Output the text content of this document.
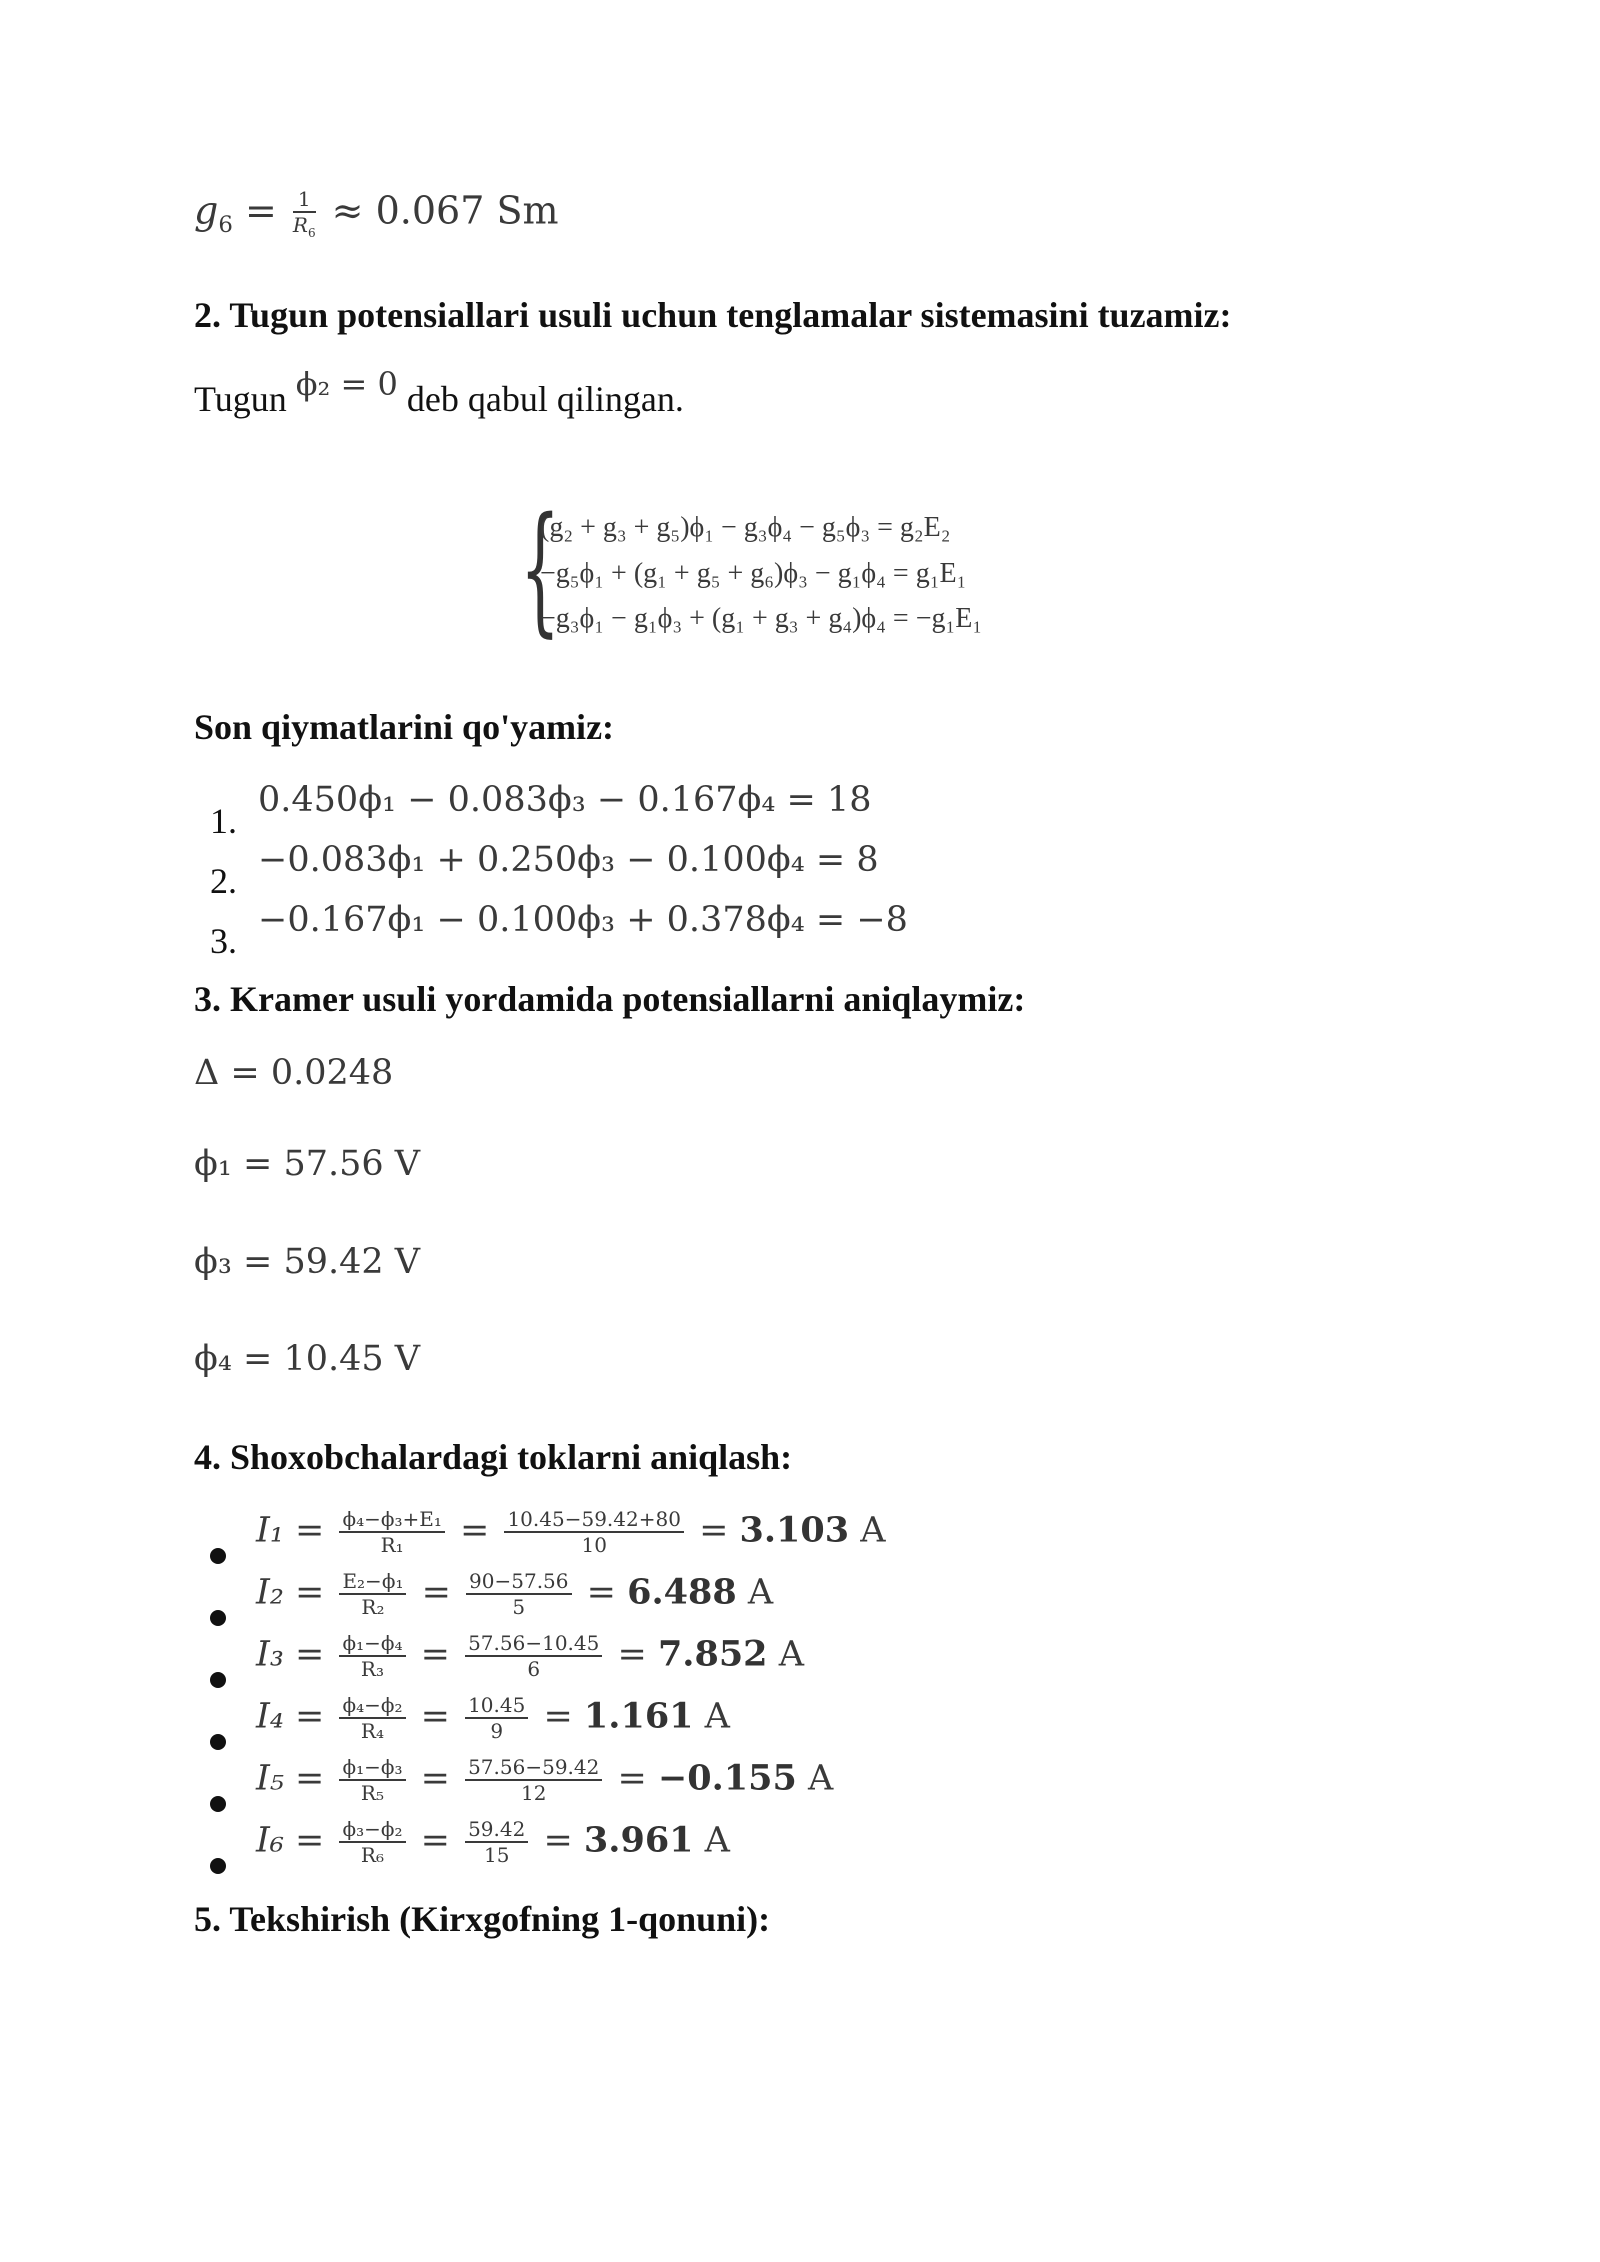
$g_6 = \frac{1}{R_6} \approx 0.067$ Sm
2. Tugun potensiallari usuli uchun tenglamalar sistemasini tuzamiz:
Tugun ϕ₂ = 0 deb qabul qilingan.
{
(g₂ + g₃ + g₅)ϕ₁ − g₃ϕ₄ − g₅ϕ₃ = g₂E₂
−g₅ϕ₁ + (g₁ + g₅ + g₆)ϕ₃ − g₁ϕ₄ = g₁E₁
−g₃ϕ₁ − g₁ϕ₃ + (g₁ + g₃ + g₄)ϕ₄ = −g₁E₁
Son qiymatlarini qo'yamiz:
1.
0.450ϕ₁ − 0.083ϕ₃ − 0.167ϕ₄ = 18
2.
−0.083ϕ₁ + 0.250ϕ₃ − 0.100ϕ₄ = 8
3.
−0.167ϕ₁ − 0.100ϕ₃ + 0.378ϕ₄ = −8
3. Kramer usuli yordamida potensiallarni aniqlaymiz:
Δ = 0.0248
ϕ₁ = 57.56 V
ϕ₃ = 59.42 V
ϕ₄ = 10.45 V
4. Shoxobchalardagi toklarni aniqlash:
$I_1 = \frac{\text{ϕ₄−ϕ₃+E₁}}{\text{R₁}} = \frac{10.45-59.42+80}{10} = 3.103$ A
$I_2 = \frac{\text{E₂−ϕ₁}}{\text{R₂}} = \frac{90-57.56}{5} = 6.488$ A
$I_3 = \frac{\text{ϕ₁−ϕ₄}}{\text{R₃}} = \frac{57.56-10.45}{6} = 7.852$ A
$I_4 = \frac{\text{ϕ₄−ϕ₂}}{\text{R₄}} = \frac{10.45}{9} = 1.161$ A
$I_5 = \frac{\text{ϕ₁−ϕ₃}}{\text{R₅}} = \frac{57.56-59.42}{12} = -0.155$ A
$I_6 = \frac{\text{ϕ₃−ϕ₂}}{\text{R₆}} = \frac{59.42}{15} = 3.961$ A
5. Tekshirish (Kirxgofning 1-qonuni):
